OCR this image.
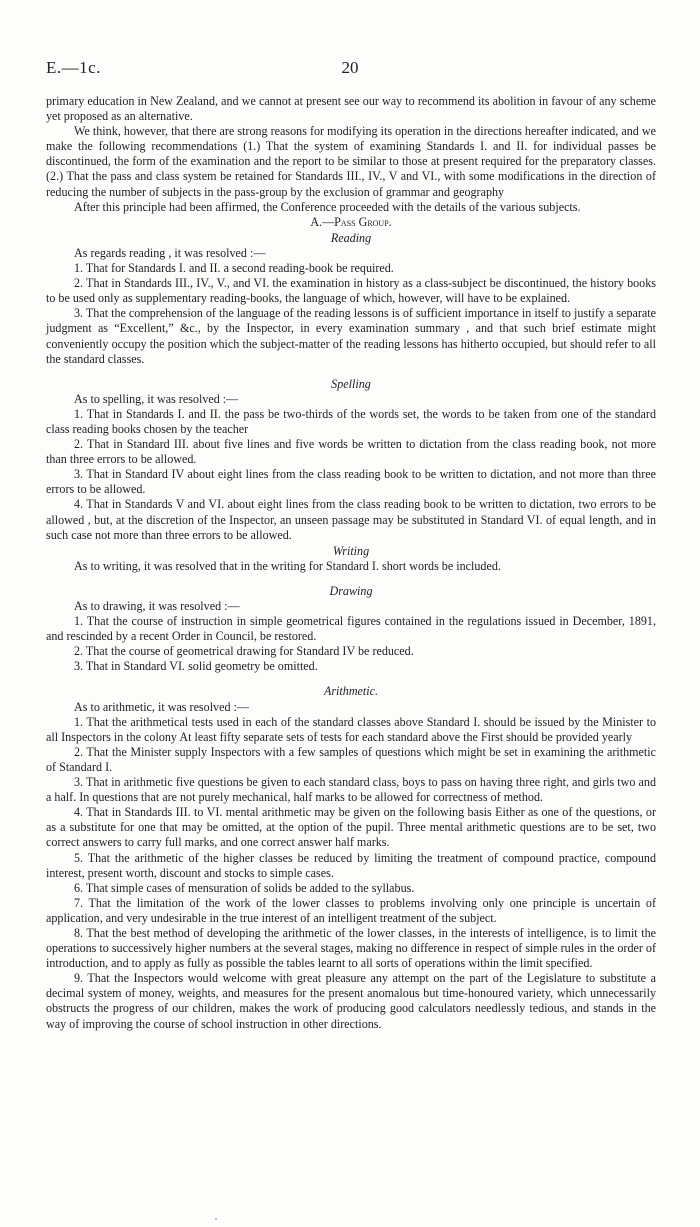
E.—1c.	20

primary education in New Zealand, and we cannot at present see our way to recommend its abolition in favour of any scheme yet proposed as an alternative.

We think, however, that there are strong reasons for modifying its operation in the directions hereafter indicated, and we make the following recommendations (1.) That the system of examining Standards I. and II. for individual passes be discontinued, the form of the examination and the report to be similar to those at present required for the preparatory classes. (2.) That the pass and class system be retained for Standards III., IV., V and VI., with some modifications in the direction of reducing the number of subjects in the pass-group by the exclusion of grammar and geography

After this principle had been affirmed, the Conference proceeded with the details of the various subjects.

A.—Pass Group.

Reading

As regards reading , it was resolved :—

1. That for Standards I. and II. a second reading-book be required.

2. That in Standards III., IV., V., and VI. the examination in history as a class-subject be discontinued, the history books to be used only as supplementary reading-books, the language of which, however, will have to be explained.

3. That the comprehension of the language of the reading lessons is of sufficient importance in itself to justify a separate judgment as “Excellent,” &c., by the Inspector, in every examination summary , and that such brief estimate might conveniently occupy the position which the subject-matter of the reading lessons has hitherto occupied, but should refer to all the standard classes.

Spelling

As to spelling, it was resolved :—

1. That in Standards I. and II. the pass be two-thirds of the words set, the words to be taken from one of the standard class reading books chosen by the teacher

2. That in Standard III. about five lines and five words be written to dictation from the class reading book, not more than three errors to be allowed.

3. That in Standard IV about eight lines from the class reading book to be written to dictation, and not more than three errors to be allowed.

4. That in Standards V and VI. about eight lines from the class reading book to be written to dictation, two errors to be allowed , but, at the discretion of the Inspector, an unseen passage may be substituted in Standard VI. of equal length, and in such case not more than three errors to be allowed.

Writing

As to writing, it was resolved that in the writing for Standard I. short words be included.

Drawing

As to drawing, it was resolved :—

1. That the course of instruction in simple geometrical figures contained in the regulations issued in December, 1891, and rescinded by a recent Order in Council, be restored.

2. That the course of geometrical drawing for Standard IV be reduced.

3. That in Standard VI. solid geometry be omitted.

Arithmetic.

As to arithmetic, it was resolved :—

1. That the arithmetical tests used in each of the standard classes above Standard I. should be issued by the Minister to all Inspectors in the colony At least fifty separate sets of tests for each standard above the First should be provided yearly

2. That the Minister supply Inspectors with a few samples of questions which might be set in examining the arithmetic of Standard I.

3. That in arithmetic five questions be given to each standard class, boys to pass on having three right, and girls two and a half. In questions that are not purely mechanical, half marks to be allowed for correctness of method.

4. That in Standards III. to VI. mental arithmetic may be given on the following basis Either as one of the questions, or as a substitute for one that may be omitted, at the option of the pupil. Three mental arithmetic questions are to be set, two correct answers to carry full marks, and one correct answer half marks.

5. That the arithmetic of the higher classes be reduced by limiting the treatment of compound practice, compound interest, present worth, discount and stocks to simple cases.

6. That simple cases of mensuration of solids be added to the syllabus.

7. That the limitation of the work of the lower classes to problems involving only one principle is uncertain of application, and very undesirable in the true interest of an intelligent treatment of the subject.

8. That the best method of developing the arithmetic of the lower classes, in the interests of intelligence, is to limit the operations to successively higher numbers at the several stages, making no difference in respect of simple rules in the order of introduction, and to apply as fully as possible the tables learnt to all sorts of operations within the limit specified.

9. That the Inspectors would welcome with great pleasure any attempt on the part of the Legislature to substitute a decimal system of money, weights, and measures for the present anomalous but time-honoured variety, which unnecessarily obstructs the progress of our children, makes the work of producing good calculators needlessly tedious, and stands in the way of improving the course of school instruction in other directions.
